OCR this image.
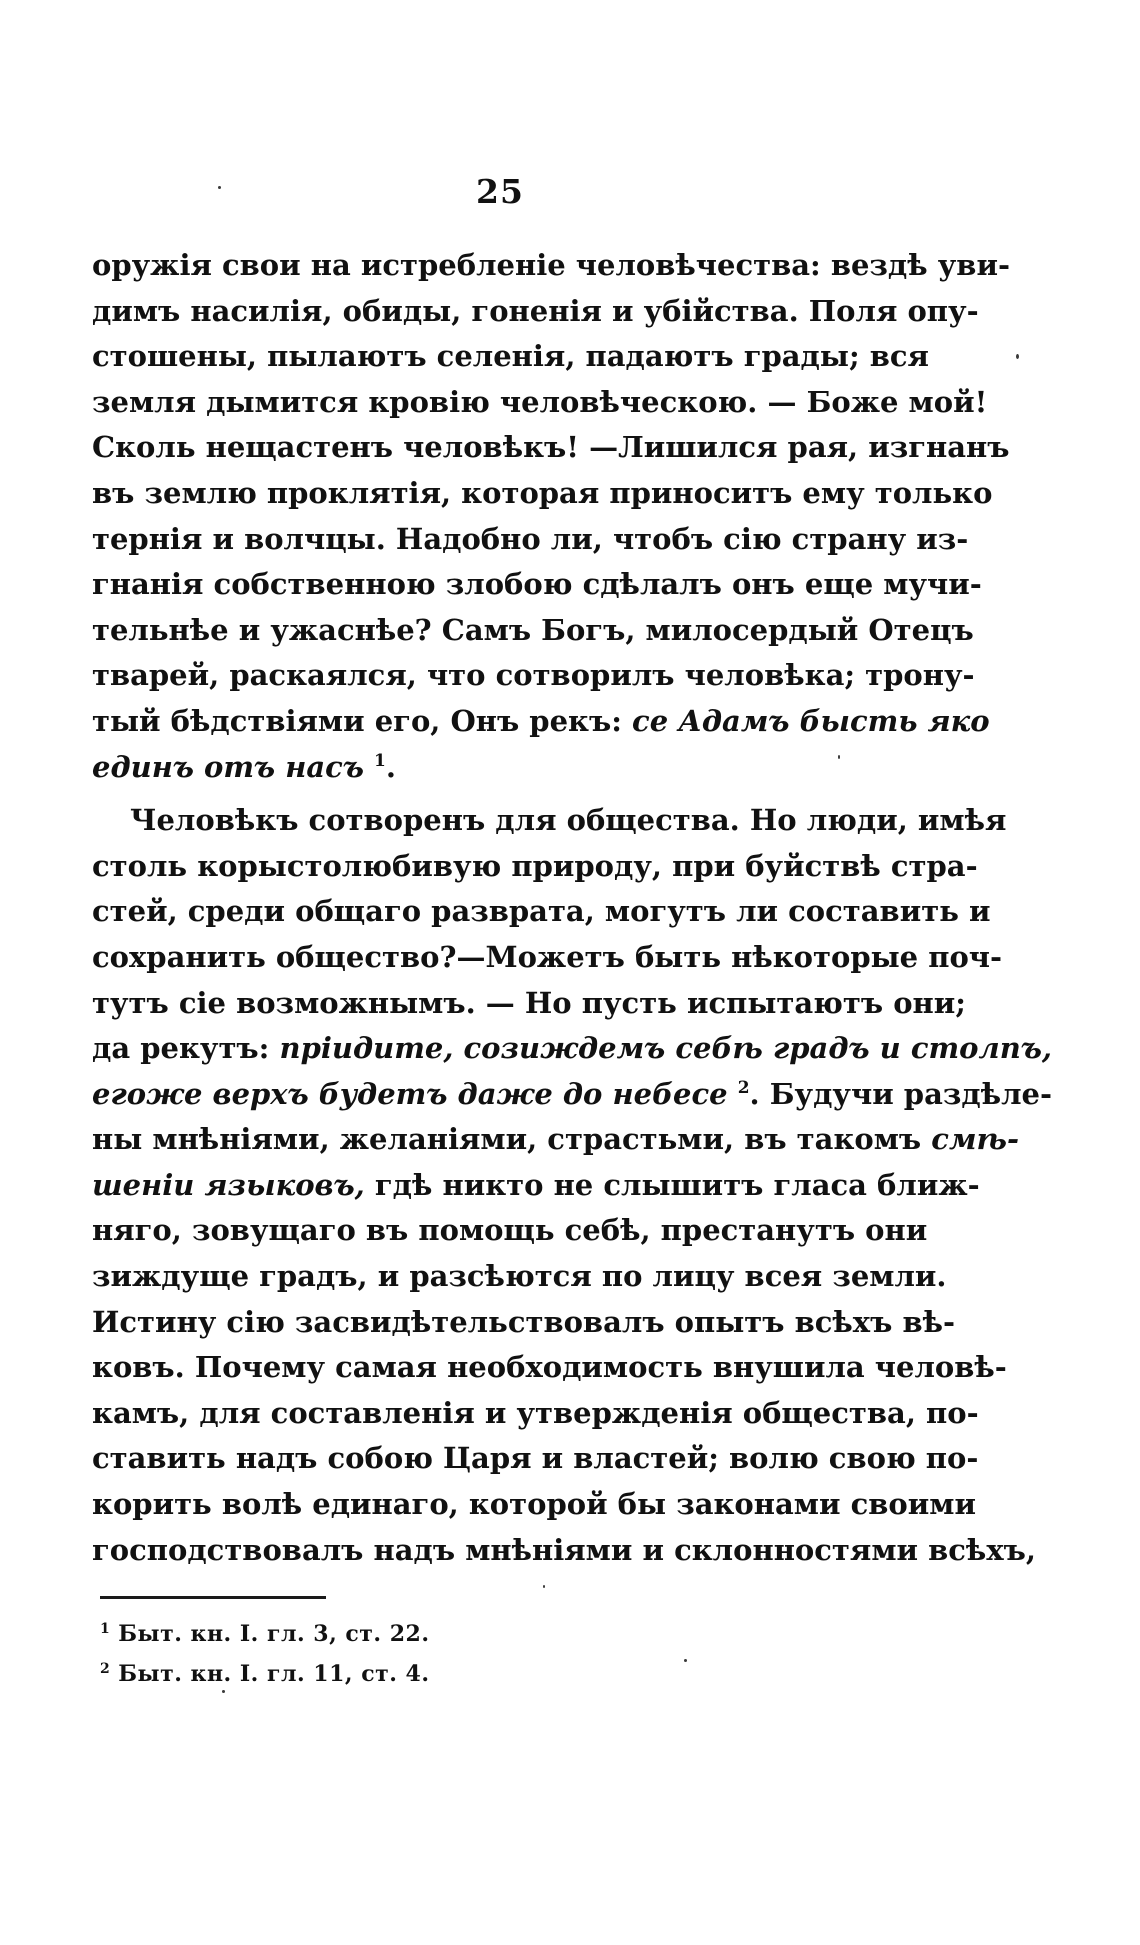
25
оружія свои на истребленіе человѣчества: вездѣ уви-
димъ насилія, обиды, гоненія и убійства. Поля опу-
стошены, пылаютъ селенія, падаютъ грады; вся
земля дымится кровію человѣческою. — Боже мой!
Сколь нещастенъ человѣкъ! —Лишился рая, изгнанъ
въ землю проклятія, которая приноситъ ему только
тернія и волчцы. Надобно ли, чтобъ сію страну из-
гнанія собственною злобою сдѣлалъ онъ еще мучи-
тельнѣе и ужаснѣе? Самъ Богъ, милосердый Отецъ
тварей, раскаялся, что сотворилъ человѣка; трону-
тый бѣдствіями его, Онъ рекъ: се Адамъ бысть яко
единъ отъ насъ $^1$.
Человѣкъ сотворенъ для общества. Но люди, имѣя
столь корыстолюбивую природу, при буйствѣ стра-
стей, среди общаго разврата, могутъ ли составить и
сохранить общество?—Можетъ быть нѣкоторые поч-
тутъ сіе возможнымъ. — Но пусть испытаютъ они;
да рекутъ: пріидите, созиждемъ себѣ градъ и столпъ,
егоже верхъ будетъ даже до небесе $^2$. Будучи раздѣле-
ны мнѣніями, желаніями, страстьми, въ такомъ смѣ-
шеніи языковъ, гдѣ никто не слышитъ гласа ближ-
няго, зовущаго въ помощь себѣ, престанутъ они
зиждуще градъ, и разсѣются по лицу всея земли.
Истину сію засвидѣтельствовалъ опытъ всѣхъ вѣ-
ковъ. Почему самая необходимость внушила человѣ-
камъ, для составленія и утвержденія общества, по-
ставить надъ собою Царя и властей; волю свою по-
корить волѣ единаго, которой бы законами своими
господствовалъ надъ мнѣніями и склонностями всѣхъ,
$^1$ Быт. кн. I. гл. 3, ст. 22.
$^2$ Быт. кн. I. гл. 11, ст. 4.
